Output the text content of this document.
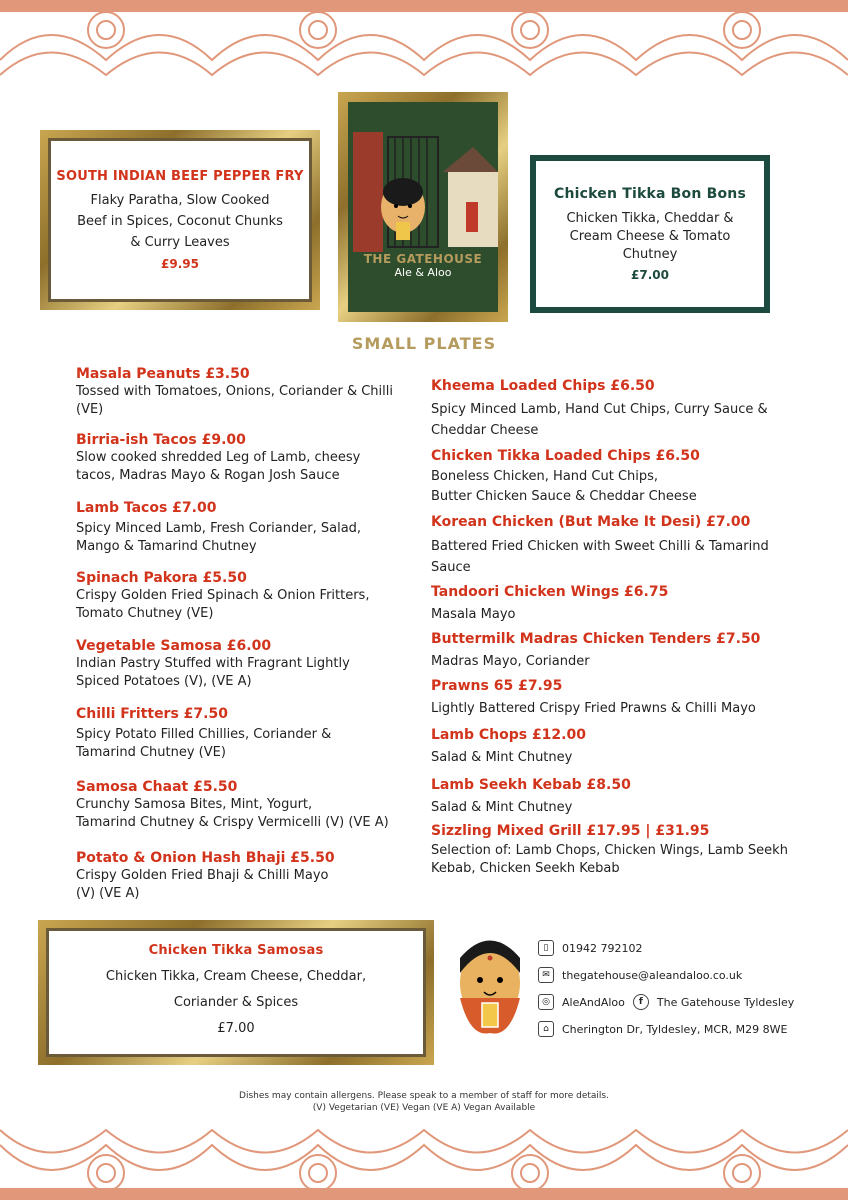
SOUTH INDIAN BEEF PEPPER FRY
Flaky Paratha, Slow Cooked
Beef in Spices, Coconut Chunks
& Curry Leaves
£9.95	THE GATEHOUSE
Ale & Aloo
Chicken Tikka Bon Bons
Chicken Tikka, Cheddar &
Cream Cheese & Tomato
Chutney
£7.00
SMALL PLATES
Masala Peanuts £3.50
Tossed with Tomatoes, Onions, Coriander & Chilli
(VE)
Birria-ish Tacos £9.00
Slow cooked shredded Leg of Lamb, cheesy
tacos, Madras Mayo & Rogan Josh Sauce
Lamb Tacos £7.00
Spicy Minced Lamb, Fresh Coriander, Salad,
Mango & Tamarind Chutney
Spinach Pakora £5.50
Crispy Golden Fried Spinach & Onion Fritters,
Tomato Chutney (VE)
Vegetable Samosa £6.00
Indian Pastry Stuffed with Fragrant Lightly
Spiced Potatoes (V), (VE A)
Chilli Fritters £7.50
Spicy Potato Filled Chillies, Coriander &
Tamarind Chutney (VE)
Samosa Chaat £5.50
Crunchy Samosa Bites, Mint, Yogurt,
Tamarind Chutney & Crispy Vermicelli (V) (VE A)
Potato & Onion Hash Bhaji £5.50
Crispy Golden Fried Bhaji & Chilli Mayo
(V) (VE A)
Kheema Loaded Chips £6.50
Spicy Minced Lamb, Hand Cut Chips, Curry Sauce &
Cheddar Cheese
Chicken Tikka Loaded Chips £6.50
Boneless Chicken, Hand Cut Chips,
Butter Chicken Sauce & Cheddar Cheese
Korean Chicken (But Make It Desi) £7.00
Battered Fried Chicken with Sweet Chilli & Tamarind
Sauce
Tandoori Chicken Wings £6.75
Masala Mayo
Buttermilk Madras Chicken Tenders £7.50
Madras Mayo, Coriander
Prawns 65 £7.95
Lightly Battered Crispy Fried Prawns & Chilli Mayo
Lamb Chops £12.00
Salad & Mint Chutney
Lamb Seekh Kebab £8.50
Salad & Mint Chutney
Sizzling Mixed Grill £17.95 | £31.95
Selection of: Lamb Chops, Chicken Wings, Lamb Seekh
Kebab, Chicken Seekh Kebab
Chicken Tikka Samosas
Chicken Tikka, Cream Cheese, Cheddar,
Coriander & Spices
£7.00
▯	01942 792102
✉	thegatehouse@aleandaloo.co.uk
◎	AleAndAloo	f	The Gatehouse Tyldesley
⌂	Cherington Dr, Tyldesley, MCR, M29 8WE
Dishes may contain allergens. Please speak to a member of staff for more details.
(V) Vegetarian (VE) Vegan (VE A) Vegan Available
